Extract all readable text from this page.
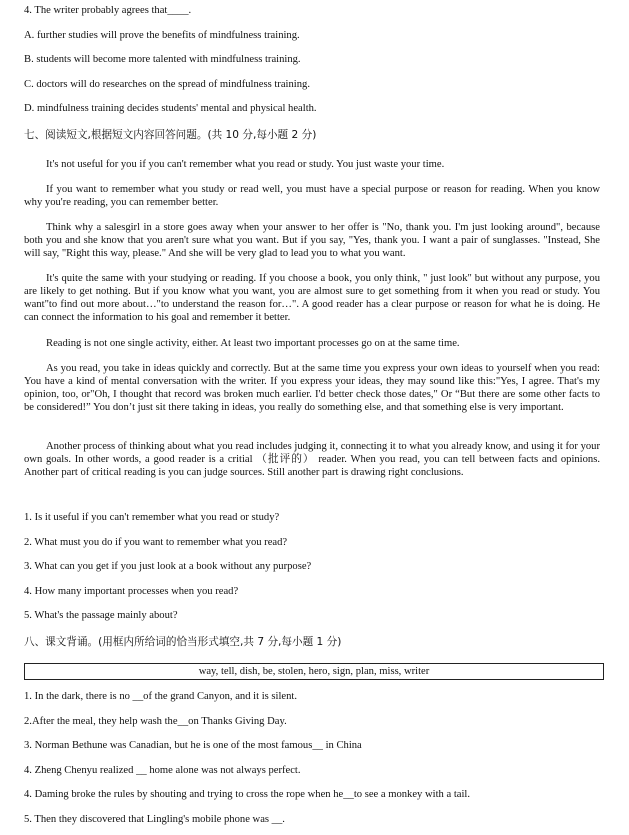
4. The writer probably agrees that____.
A. further studies will prove the benefits of mindfulness training.
B. students will become more talented with mindfulness training.
C. doctors will do researches on the spread of mindfulness training.
D. mindfulness training decides students' mental and physical health.
七、阅读短文,根据短文内容回答问题。(共 10 分,每小题 2 分)

It's not useful for you if you can't remember what you read or study. You just waste your time.

If you want to remember what you study or read well, you must have a special purpose or reason for reading. When you know why you're reading, you can remember better.

Think why a salesgirl in a store goes away when your answer to her offer is "No, thank you. I'm just looking around", because both you and she know that you aren't sure what you want. But if you say, "Yes, thank you. I want a pair of sunglasses. "Instead, She will say, "Right this way, please." And she will be very glad to lead you to what you want.

It's quite the same with your studying or reading. If you choose a book, you only think, " just look" but without any purpose, you are likely to get nothing. But if you know what you want, you are almost sure to get something from it when you read or study. You want"to find out more about…"to understand the reason for…". A good reader has a clear purpose or reason for what he is doing. He can connect the information to his goal and remember it better.

Reading is not one single activity, either. At least two important processes go on at the same time.

As you read, you take in ideas quickly and correctly. But at the same time you express your own ideas to yourself when you read: You have a kind of mental conversation with the writer. If you express your ideas, they may sound like this:"Yes, I agree. That's my opinion, too, or"Oh, I thought that record was broken much earlier. I'd better check those dates," Or “But there are some other facts to be considered!” You don’t just sit there taking in ideas, you really do something else, and that something else is very important.

Another process of thinking about what you read includes judging it, connecting it to what you already know, and using it for your own goals. In other words, a good reader is a critial （批评的） reader. When you read, you can tell between facts and opinions. Another part of critical reading is you can judge sources. Still another part is drawing right conclusions.

1. Is it useful if you can't remember what you read or study?
2. What must you do if you want to remember what you read?
3. What can you get if you just look at a book without any purpose?
4. How many important processes when you read?
5. What's the passage mainly about?
八、课文背诵。(用框内所给词的恰当形式填空,共 7 分,每小题 1 分)
way, tell, dish, be, stolen, hero, sign, plan, miss, writer
1. In the dark, there is no __of the grand Canyon, and it is silent.
2.After the meal, they help wash the__on Thanks Giving Day.
3. Norman Bethune was Canadian, but he is one of the most famous__ in China
4. Zheng Chenyu realized __ home alone was not always perfect.
4. Daming broke the rules by shouting and trying to cross the rope when he__to see a monkey with a tail.
5. Then they discovered that Lingling's mobile phone was __.
